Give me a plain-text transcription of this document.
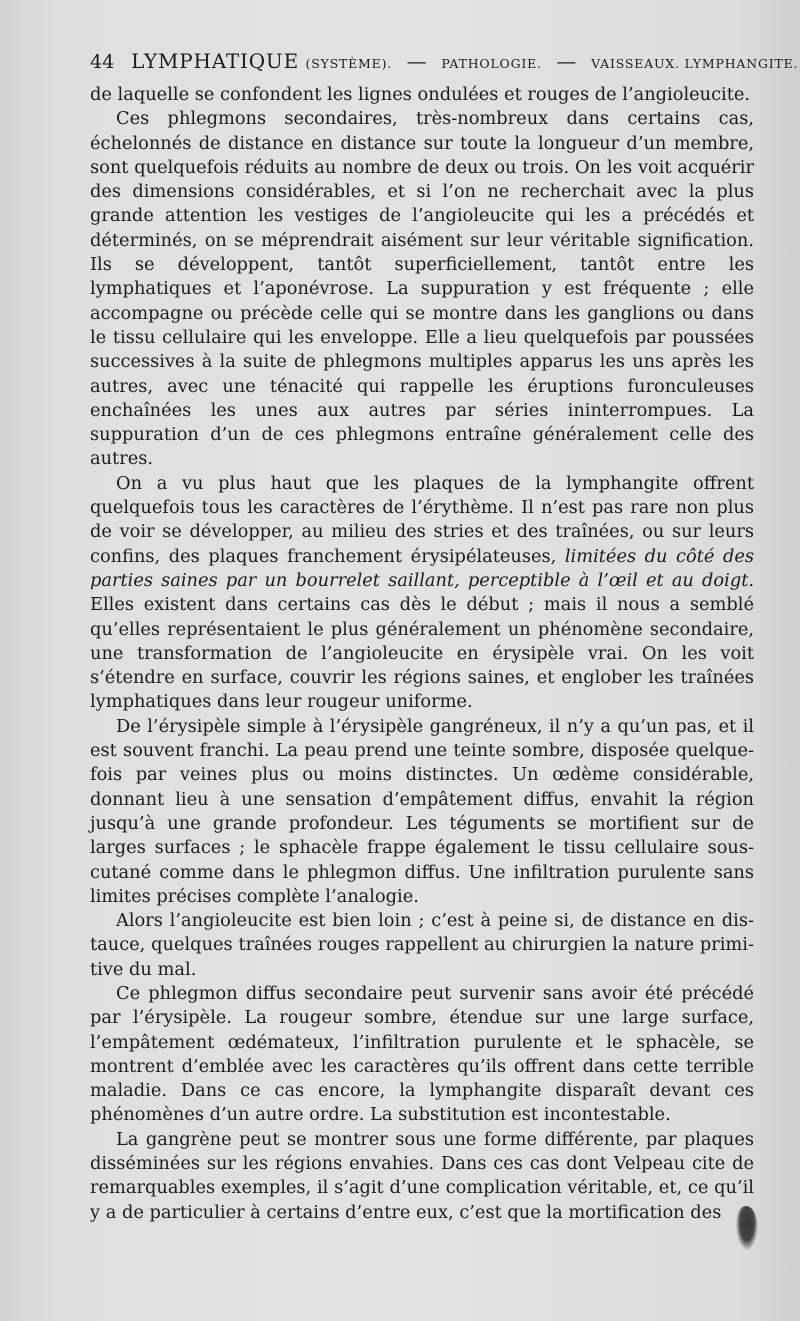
44 LYMPHATIQUE (SYSTÈME). — PATHOLOGIE. — VAISSEAUX. LYMPHANGITE.

de laquelle se confondent les lignes ondulées et rouges de l’angioleucite.

Ces phlegmons secondaires, très-nombreux dans certains cas, échelonnés de distance en distance sur toute la longueur d’un membre, sont quelquefois réduits au nombre de deux ou trois. On les voit acquérir des dimensions considérables, et si l’on ne recherchait avec la plus grande attention les vestiges de l’angioleucite qui les a précédés et déterminés, on se méprendrait aisément sur leur véritable signification. Ils se développent, tantôt superficiellement, tantôt entre les lymphatiques et l’aponévrose. La suppuration y est fréquente ; elle accompagne ou précède celle qui se montre dans les ganglions ou dans le tissu cellulaire qui les enveloppe. Elle a lieu quelquefois par poussées successives à la suite de phlegmons multiples apparus les uns après les autres, avec une ténacité qui rappelle les éruptions furonculeuses enchaînées les unes aux autres par séries ininterrompues. La suppuration d’un de ces phlegmons entraîne généralement celle des autres.

On a vu plus haut que les plaques de la lymphangite offrent quelquefois tous les caractères de l’érythème. Il n’est pas rare non plus de voir se développer, au milieu des stries et des traînées, ou sur leurs confins, des plaques franchement érysipélateuses, limitées du côté des parties saines par un bourrelet saillant, perceptible à l’œil et au doigt. Elles existent dans certains cas dès le début ; mais il nous a semblé qu’elles représentaient le plus généralement un phénomène secondaire, une transformation de l’angioleucite en érysipèle vrai. On les voit s’étendre en surface, couvrir les régions saines, et englober les traînées lymphatiques dans leur rougeur uniforme.

De l’érysipèle simple à l’érysipèle gangréneux, il n’y a qu’un pas, et il est souvent franchi. La peau prend une teinte sombre, disposée quelquefois par veines plus ou moins distinctes. Un œdème considérable, donnant lieu à une sensation d’empâtement diffus, envahit la région jusqu’à une grande profondeur. Les téguments se mortifient sur de larges surfaces ; le sphacèle frappe également le tissu cellulaire sous-cutané comme dans le phlegmon diffus. Une infiltration purulente sans limites précises complète l’analogie.

Alors l’angioleucite est bien loin ; c’est à peine si, de distance en distauce, quelques traînées rouges rappellent au chirurgien la nature primitive du mal.

Ce phlegmon diffus secondaire peut survenir sans avoir été précédé par l’érysipèle. La rougeur sombre, étendue sur une large surface, l’empâtement œdémateux, l’infiltration purulente et le sphacèle, se montrent d’emblée avec les caractères qu’ils offrent dans cette terrible maladie. Dans ce cas encore, la lymphangite disparaît devant ces phénomènes d’un autre ordre. La substitution est incontestable.

La gangrène peut se montrer sous une forme différente, par plaques disséminées sur les régions envahies. Dans ces cas dont Velpeau cite de remarquables exemples, il s’agit d’une complication véritable, et, ce qu’il y a de particulier à certains d’entre eux, c’est que la mortification des
